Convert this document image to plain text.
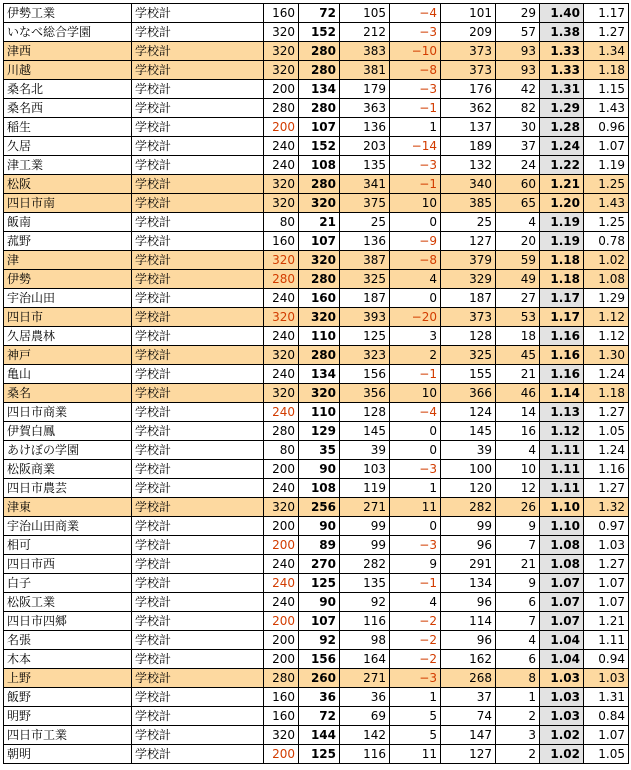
伊勢工業	学校計	160	72	105	−4	101	29	1.40	1.17
いなべ総合学園	学校計	320	152	212	−3	209	57	1.38	1.27
津西	学校計	320	280	383	−10	373	93	1.33	1.34
川越	学校計	320	280	381	−8	373	93	1.33	1.18
桑名北	学校計	200	134	179	−3	176	42	1.31	1.15
桑名西	学校計	280	280	363	−1	362	82	1.29	1.43
稲生	学校計	200	107	136	1	137	30	1.28	0.96
久居	学校計	240	152	203	−14	189	37	1.24	1.07
津工業	学校計	240	108	135	−3	132	24	1.22	1.19
松阪	学校計	320	280	341	−1	340	60	1.21	1.25
四日市南	学校計	320	320	375	10	385	65	1.20	1.43
飯南	学校計	80	21	25	0	25	4	1.19	1.25
菰野	学校計	160	107	136	−9	127	20	1.19	0.78
津	学校計	320	320	387	−8	379	59	1.18	1.02
伊勢	学校計	280	280	325	4	329	49	1.18	1.08
宇治山田	学校計	240	160	187	0	187	27	1.17	1.29
四日市	学校計	320	320	393	−20	373	53	1.17	1.12
久居農林	学校計	240	110	125	3	128	18	1.16	1.12
神戸	学校計	320	280	323	2	325	45	1.16	1.30
亀山	学校計	240	134	156	−1	155	21	1.16	1.24
桑名	学校計	320	320	356	10	366	46	1.14	1.18
四日市商業	学校計	240	110	128	−4	124	14	1.13	1.27
伊賀白鳳	学校計	280	129	145	0	145	16	1.12	1.05
あけぼの学園	学校計	80	35	39	0	39	4	1.11	1.24
松阪商業	学校計	200	90	103	−3	100	10	1.11	1.16
四日市農芸	学校計	240	108	119	1	120	12	1.11	1.27
津東	学校計	320	256	271	11	282	26	1.10	1.32
宇治山田商業	学校計	200	90	99	0	99	9	1.10	0.97
相可	学校計	200	89	99	−3	96	7	1.08	1.03
四日市西	学校計	240	270	282	9	291	21	1.08	1.27
白子	学校計	240	125	135	−1	134	9	1.07	1.07
松阪工業	学校計	240	90	92	4	96	6	1.07	1.07
四日市四郷	学校計	200	107	116	−2	114	7	1.07	1.21
名張	学校計	200	92	98	−2	96	4	1.04	1.11
木本	学校計	200	156	164	−2	162	6	1.04	0.94
上野	学校計	280	260	271	−3	268	8	1.03	1.03
飯野	学校計	160	36	36	1	37	1	1.03	1.31
明野	学校計	160	72	69	5	74	2	1.03	0.84
四日市工業	学校計	320	144	142	5	147	3	1.02	1.07
朝明	学校計	200	125	116	11	127	2	1.02	1.05
